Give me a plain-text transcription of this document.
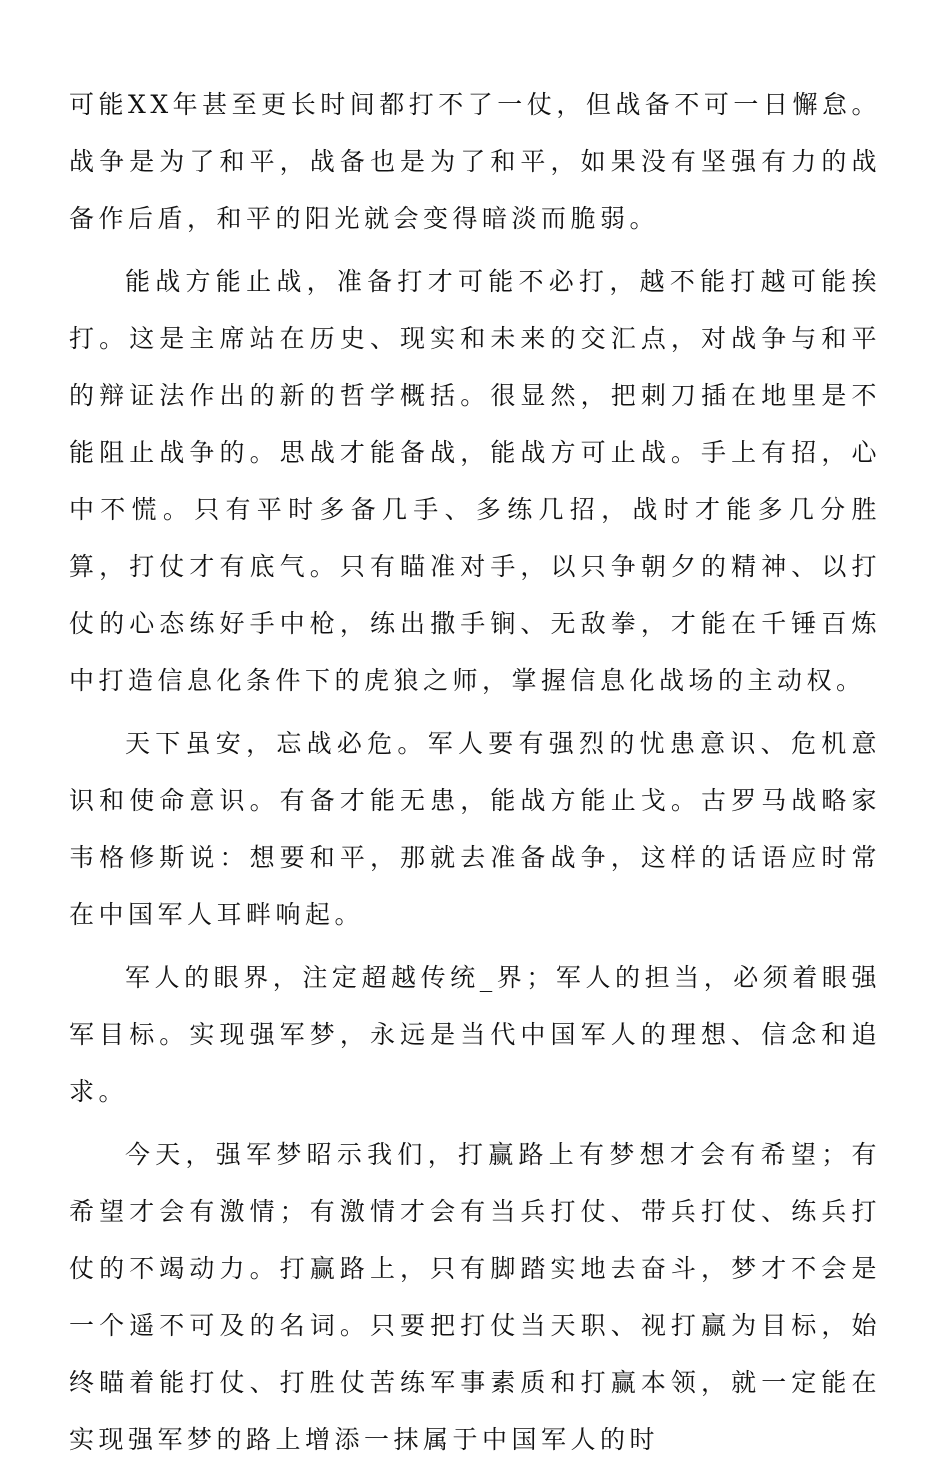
可能XX年甚至更长时间都打不了一仗，但战备不可一日懈怠。战争是为了和平，战备也是为了和平，如果没有坚强有力的战备作后盾，和平的阳光就会变得暗淡而脆弱。

能战方能止战，准备打才可能不必打，越不能打越可能挨打。这是主席站在历史、现实和未来的交汇点，对战争与和平的辩证法作出的新的哲学概括。很显然，把刺刀插在地里是不能阻止战争的。思战才能备战，能战方可止战。手上有招，心中不慌。只有平时多备几手、多练几招，战时才能多几分胜算，打仗才有底气。只有瞄准对手，以只争朝夕的精神、以打仗的心态练好手中枪，练出撒手锏、无敌拳，才能在千锤百炼中打造信息化条件下的虎狼之师，掌握信息化战场的主动权。

天下虽安，忘战必危。军人要有强烈的忧患意识、危机意识和使命意识。有备才能无患，能战方能止戈。古罗马战略家韦格修斯说：想要和平，那就去准备战争，这样的话语应时常在中国军人耳畔响起。

军人的眼界，注定超越传统_界；军人的担当，必须着眼强军目标。实现强军梦，永远是当代中国军人的理想、信念和追求。

今天，强军梦昭示我们，打赢路上有梦想才会有希望；有希望才会有激情；有激情才会有当兵打仗、带兵打仗、练兵打仗的不竭动力。打赢路上，只有脚踏实地去奋斗，梦才不会是一个遥不可及的名词。只要把打仗当天职、视打赢为目标，始终瞄着能打仗、打胜仗苦练军事素质和打赢本领，就一定能在实现强军梦的路上增添一抹属于中国军人的时
